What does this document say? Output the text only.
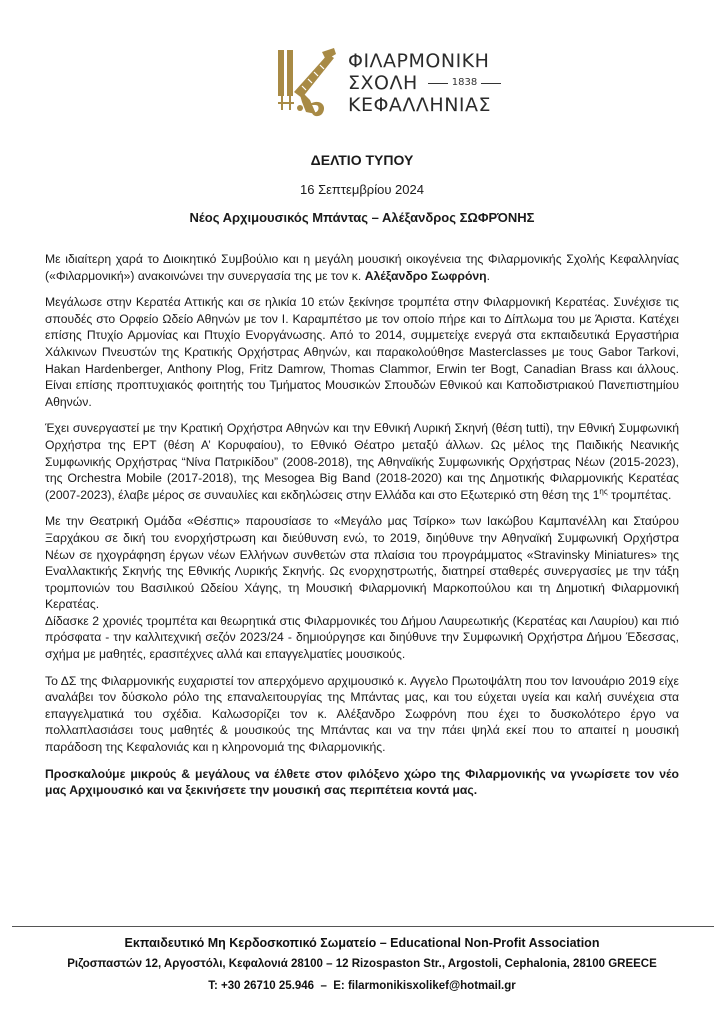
ΦΙΛΑΡΜΟΝΙΚΗ
ΣΧΟΛΗ	1838
ΚΕΦΑΛΛΗΝΙΑΣ
ΔΕΛΤΙΟ ΤΥΠΟΥ
16 Σεπτεμβρίου 2024
Νέος Αρχιμουσικός Μπάντας – Αλέξανδρος ΣΩΦΡΌΝΗΣ

Με ιδιαίτερη χαρά το Διοικητικό Συμβούλιο και η μεγάλη μουσική οικογένεια της Φιλαρμονικής Σχολής Κεφαλληνίας («Φιλαρμονική») ανακοινώνει την συνεργασία της με τον κ. Αλέξανδρο Σωφρόνη.

Μεγάλωσε στην Κερατέα Αττικής και σε ηλικία 10 ετών ξεκίνησε τρομπέτα στην Φιλαρμονική Κερατέας. Συνέχισε τις σπουδές στο Ορφείο Ωδείο Αθηνών με τον Ι. Καραμπέτσο με τον οποίο πήρε και το Δίπλωμα του με Άριστα. Κατέχει επίσης Πτυχίο Αρμονίας και Πτυχίο Ενοργάνωσης. Από το 2014, συμμετείχε ενεργά στα εκπαιδευτικά Εργαστήρια Χάλκινων Πνευστών της Κρατικής Ορχήστρας Αθηνών, και παρακολούθησε Masterclasses με τους Gabor Tarkovi, Hakan Hardenberger, Anthony Plog, Fritz Damrow, Thomas Clammor, Erwin ter Bogt, Canadian Brass και άλλους. Είναι επίσης προπτυχιακός φοιτητής του Τμήματος Μουσικών Σπουδών Εθνικού και Καποδιστριακού Πανεπιστημίου Αθηνών.

Έχει συνεργαστεί με την Κρατική Ορχήστρα Αθηνών και την Εθνική Λυρική Σκηνή (θέση tutti), την Εθνική Συμφωνική Ορχήστρα της ΕΡΤ (θέση Α’ Κορυφαίου), το Εθνικό Θέατρο μεταξύ άλλων. Ως μέλος της Παιδικής Νεανικής Συμφωνικής Ορχήστρας “Νίνα Πατρικίδου” (2008-2018), της Αθηναϊκής Συμφωνικής Ορχήστρας Νέων (2015-2023), της Orchestra Mobile (2017-2018), της Mesogea Big Band (2018-2020) και της Δημοτικής Φιλαρμονικής Κερατέας (2007-2023), έλαβε μέρος σε συναυλίες και εκδηλώσεις στην Ελλάδα και στο Εξωτερικό στη θέση της $1^{\eta\varsigma}$ τρομπέτας.

Με την Θεατρική Ομάδα «Θέσπις» παρουσίασε το «Μεγάλο μας Τσίρκο» των Ιακώβου Καμπανέλλη και Σταύρου Ξαρχάκου σε δική του ενορχήστρωση και διεύθυνση ενώ, το 2019, διηύθυνε την Αθηναϊκή Συμφωνική Ορχήστρα Νέων σε ηχογράφηση έργων νέων Ελλήνων συνθετών στα πλαίσια του προγράμματος «Stravinsky Miniatures» της Εναλλακτικής Σκηνής της Εθνικής Λυρικής Σκηνής. Ως ενορχηστρωτής, διατηρεί σταθερές συνεργασίες με την τάξη τρομπονιών του Βασιλικού Ωδείου Χάγης, τη Μουσική Φιλαρμονική Μαρκοπούλου και τη Δημοτική Φιλαρμονική Κερατέας.

Δίδασκε 2 χρονιές τρομπέτα και θεωρητικά στις Φιλαρμονικές του Δήμου Λαυρεωτικής (Κερατέας και Λαυρίου) και πιό πρόσφατα - την καλλιτεχνική σεζόν 2023/24 - δημιούργησε και διηύθυνε την Συμφωνική Ορχήστρα Δήμου Έδεσσας, σχήμα με μαθητές, ερασιτέχνες αλλά και επαγγελματίες μουσικούς.

Το ΔΣ της Φιλαρμονικής ευχαριστεί τον απερχόμενο αρχιμουσικό κ. Αγγελο Πρωτοψάλτη που τον Ιανουάριο 2019 είχε αναλάβει τον δύσκολο ρόλο της επαναλειτουργίας της Μπάντας μας, και του εύχεται υγεία και καλή συνέχεια στα επαγγελματικά του σχέδια. Καλωσορίζει τον κ. Αλέξανδρο Σωφρόνη που έχει το δυσκολότερο έργο να πολλαπλασιάσει τους μαθητές & μουσικούς της Μπάντας και να την πάει ψηλά εκεί που το απαιτεί η μουσική παράδοση της Κεφαλονιάς και η κληρονομιά της Φιλαρμονικής.

Προσκαλούμε μικρούς & μεγάλους να έλθετε στον φιλόξενο χώρο της Φιλαρμονικής να γνωρίσετε τον νέο μας Αρχιμουσικό και να ξεκινήσετε την μουσική σας περιπέτεια κοντά μας.

Εκπαιδευτικό Μη Κερδοσκοπικό Σωματείο – Educational Non-Profit Association
Ριζοσπαστών 12, Αργοστόλι, Κεφαλονιά 28100 – 12 Rizospaston Str., Argostoli, Cephalonia, 28100 GREECE
T: +30 26710 25.946  –  E: filarmonikisxolikef@hotmail.gr
